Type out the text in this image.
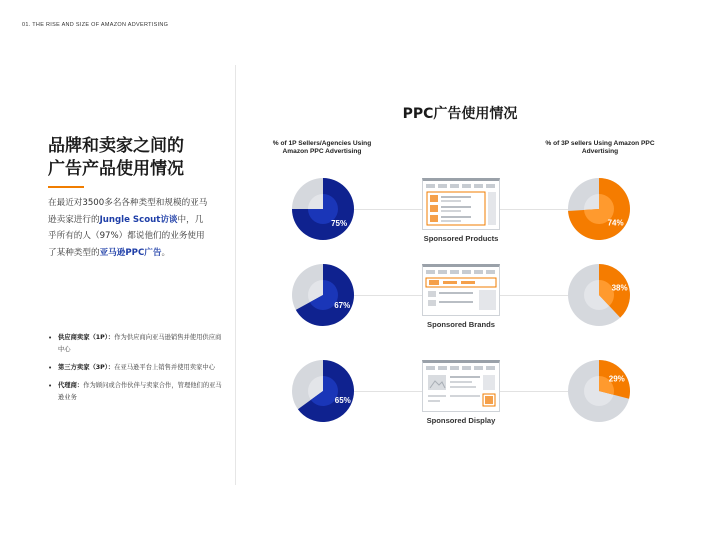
01. THE RISE AND SIZE OF AMAZON ADVERTISING
品牌和卖家之间的
广告产品使用情况
在最近对3500多名各种类型和规模的亚马逊卖家进行的Jungle Scout访谈中，几乎所有的人（97%）都说他们的业务使用了某种类型的亚马逊PPC广告。
• 供应商卖家（1P）：作为供应商向亚马逊销售并使用供应商中心
• 第三方卖家（3P）：在亚马逊平台上销售并使用卖家中心
• 代理商：作为顾问或合作伙伴与卖家合作，管理他们的亚马逊业务
PPC广告使用情况
% of 1P Sellers/Agencies Using Amazon PPC Advertising
% of 3P sellers Using Amazon PPC Advertising
75%	74%
Sponsored Products
67%
38%
Sponsored Brands
65%
29%
Sponsored Display
